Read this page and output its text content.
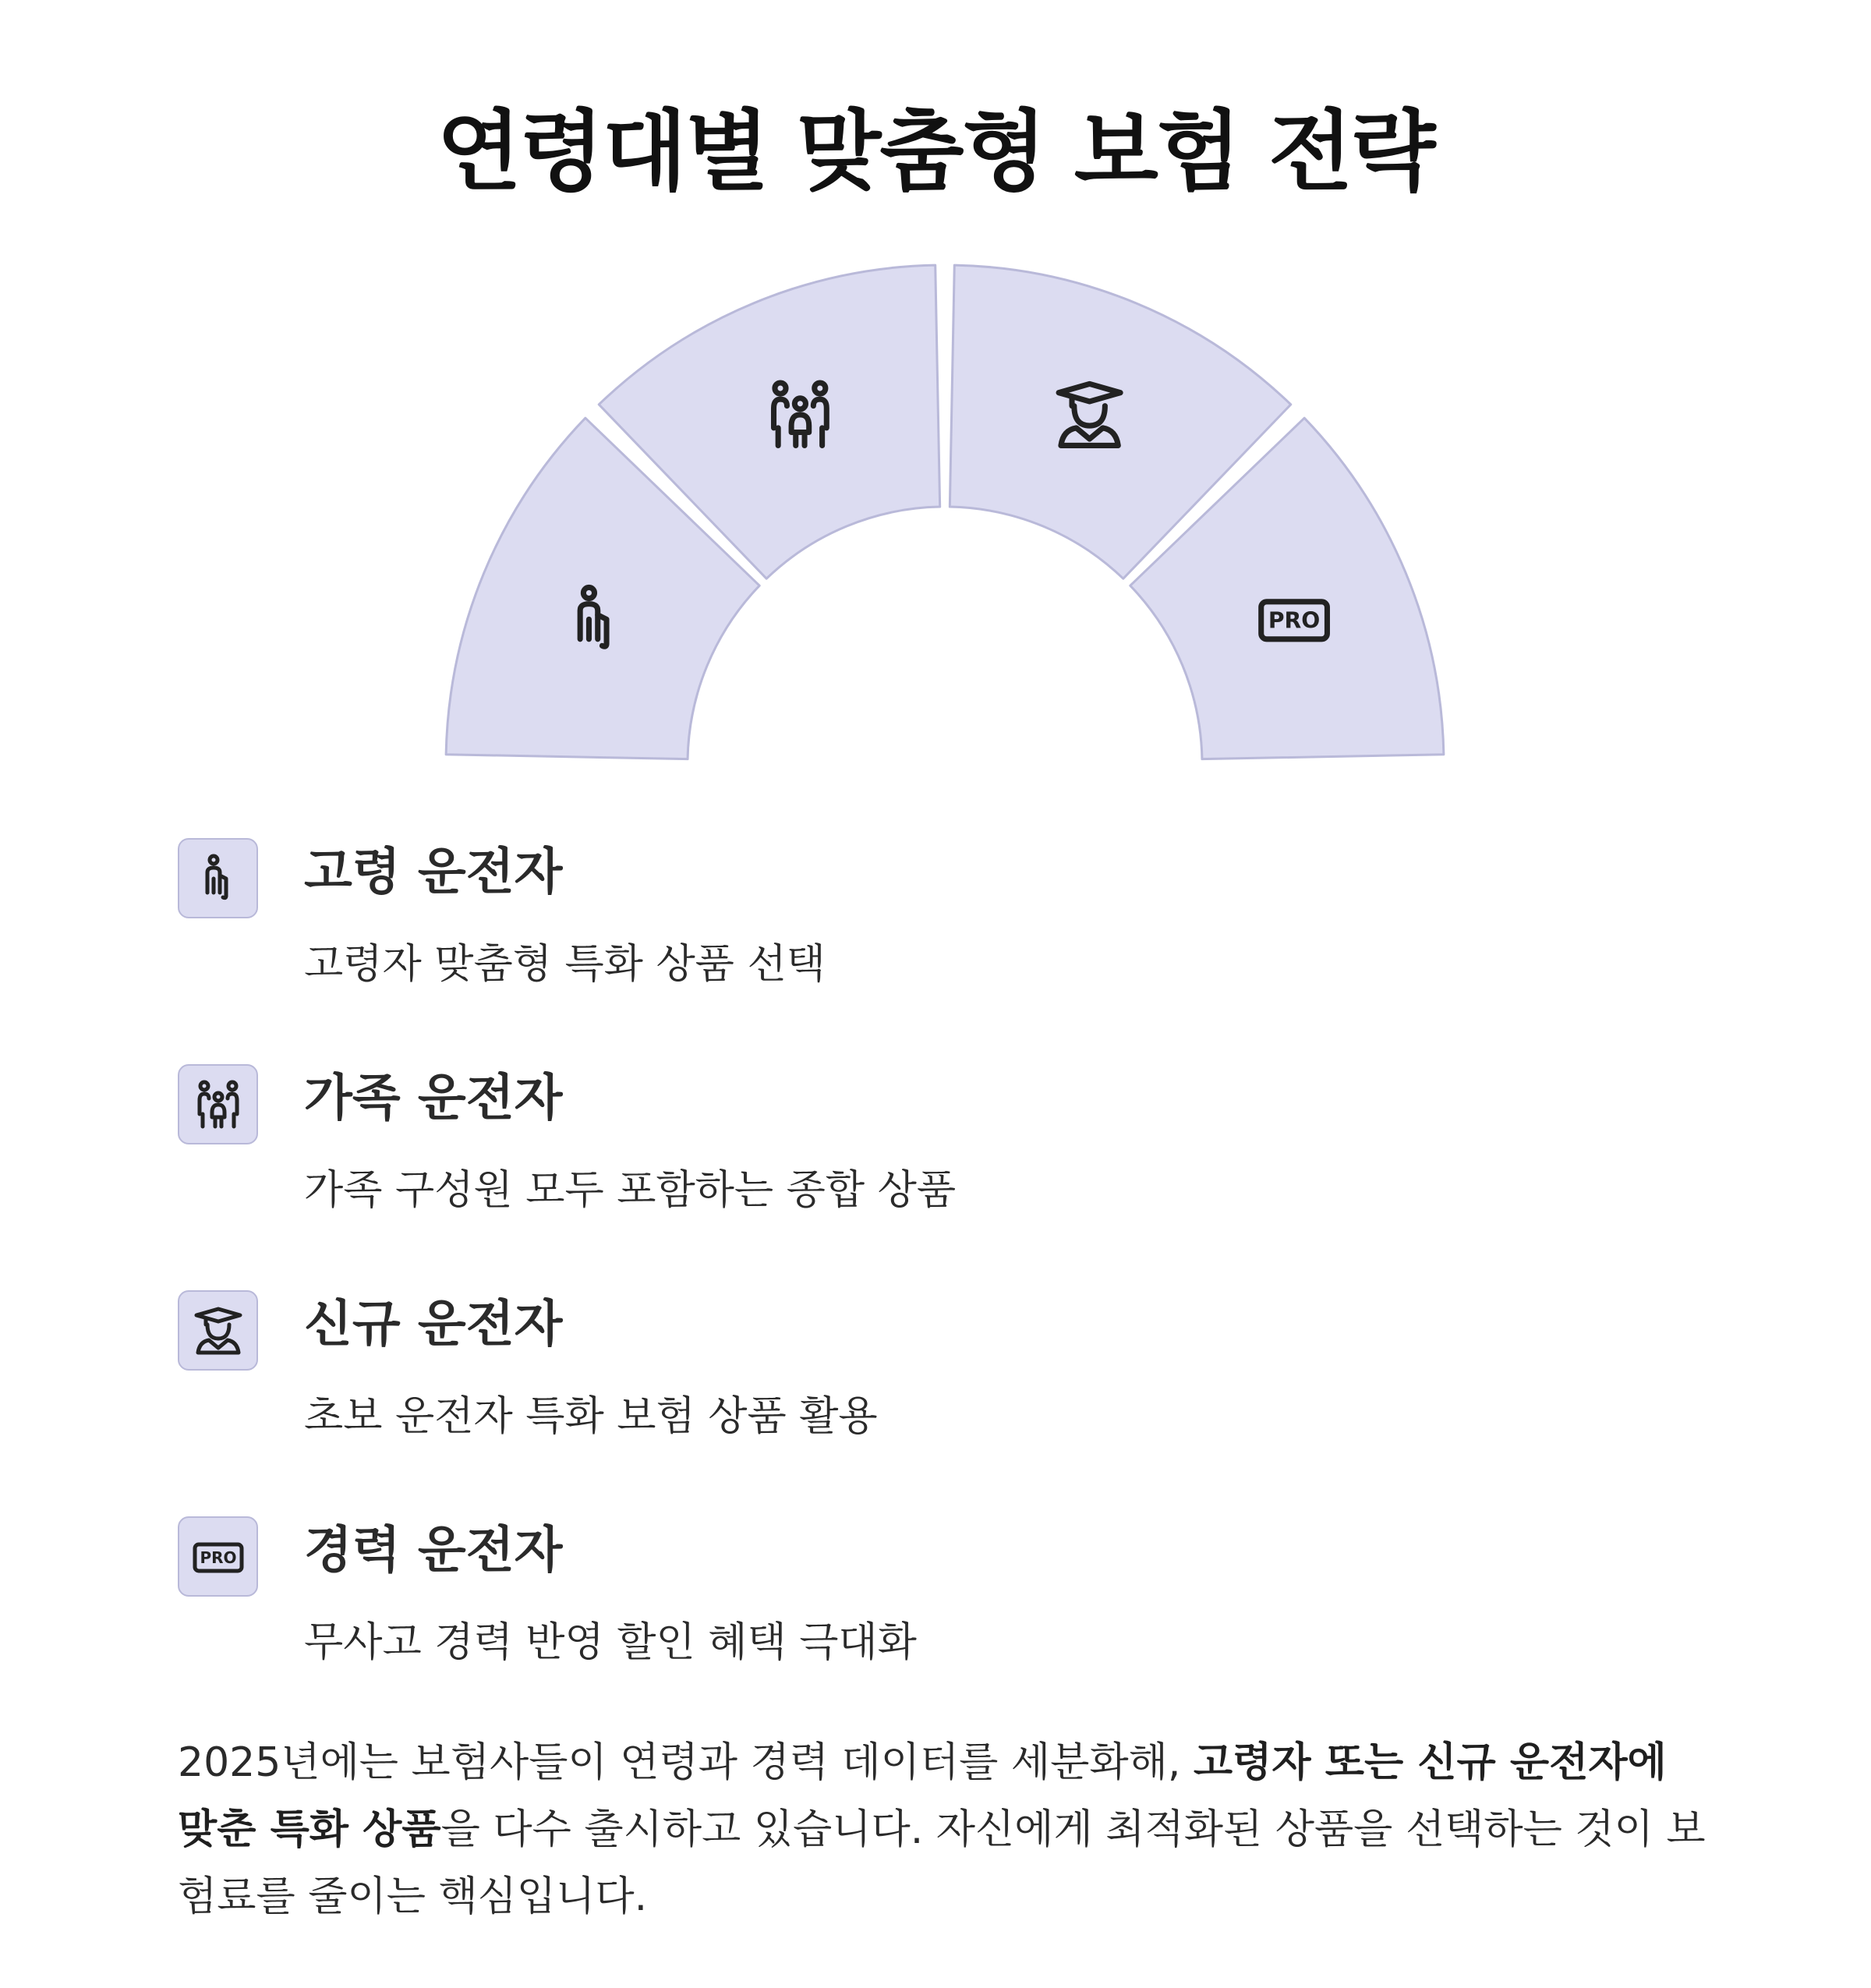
연령대별 맞춤형 보험 전략
PRO
고령 운전자
고령자 맞춤형 특화 상품 선택
가족 운전자
가족 구성원 모두 포함하는 종합 상품
신규 운전자
초보 운전자 특화 보험 상품 활용
PRO 경력 운전자
무사고 경력 반영 할인 혜택 극대화
2025년에는 보험사들이 연령과 경력 데이터를 세분화해, 고령자 또는 신규 운전자에 맞춘 특화 상품을 다수 출시하고 있습니다. 자신에게 최적화된 상품을 선택하는 것이 보험료를 줄이는 핵심입니다.
